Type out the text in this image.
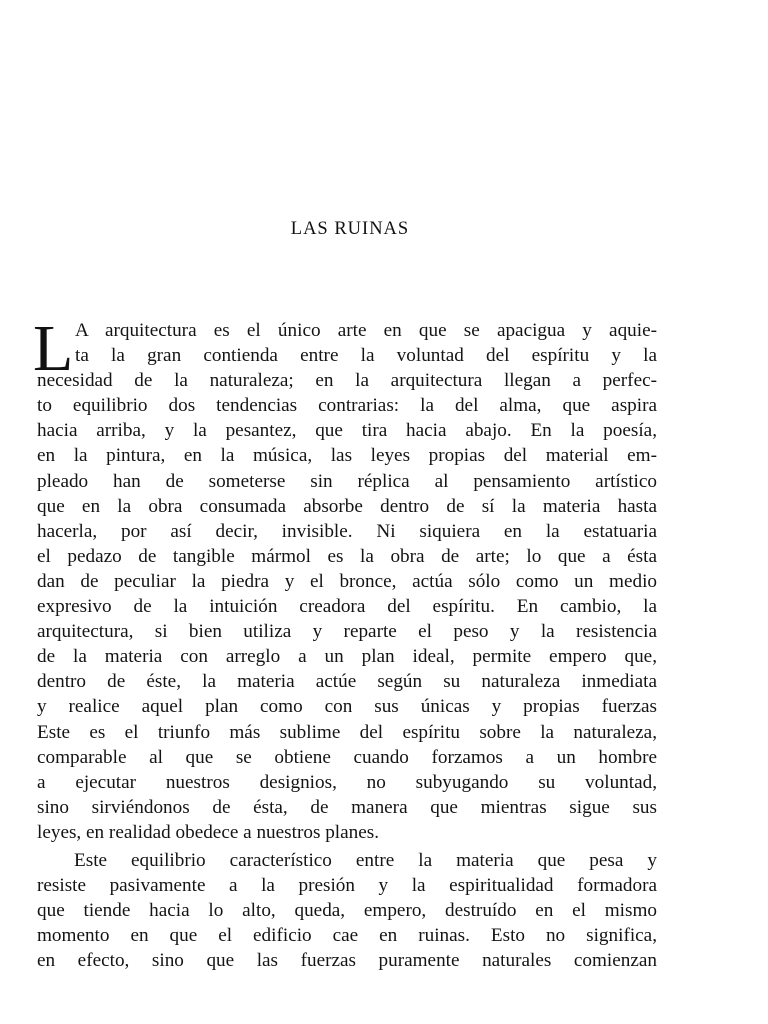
LAS RUINAS
L A arquitectura es el único arte en que se apacigua y aquie-
ta la gran contienda entre la voluntad del espíritu y la
necesidad de la naturaleza; en la arquitectura llegan a perfec-
to equilibrio dos tendencias contrarias: la del alma, que aspira
hacia arriba, y la pesantez, que tira hacia abajo. En la poesía,
en la pintura, en la música, las leyes propias del material em-
pleado han de someterse sin réplica al pensamiento artístico
que en la obra consumada absorbe dentro de sí la materia hasta
hacerla, por así decir, invisible. Ni siquiera en la estatuaria
el pedazo de tangible mármol es la obra de arte; lo que a ésta
dan de peculiar la piedra y el bronce, actúa sólo como un medio
expresivo de la intuición creadora del espíritu. En cambio, la
arquitectura, si bien utiliza y reparte el peso y la resistencia
de la materia con arreglo a un plan ideal, permite empero que,
dentro de éste, la materia actúe según su naturaleza inmediata
y realice aquel plan como con sus únicas y propias fuerzas
Este es el triunfo más sublime del espíritu sobre la naturaleza,
comparable al que se obtiene cuando forzamos a un hombre
a ejecutar nuestros designios, no subyugando su voluntad,
sino sirviéndonos de ésta, de manera que mientras sigue sus
leyes, en realidad obedece a nuestros planes.
Este equilibrio característico entre la materia que pesa y
resiste pasivamente a la presión y la espiritualidad formadora
que tiende hacia lo alto, queda, empero, destruído en el mismo
momento en que el edificio cae en ruinas. Esto no significa,
en efecto, sino que las fuerzas puramente naturales comienzan
